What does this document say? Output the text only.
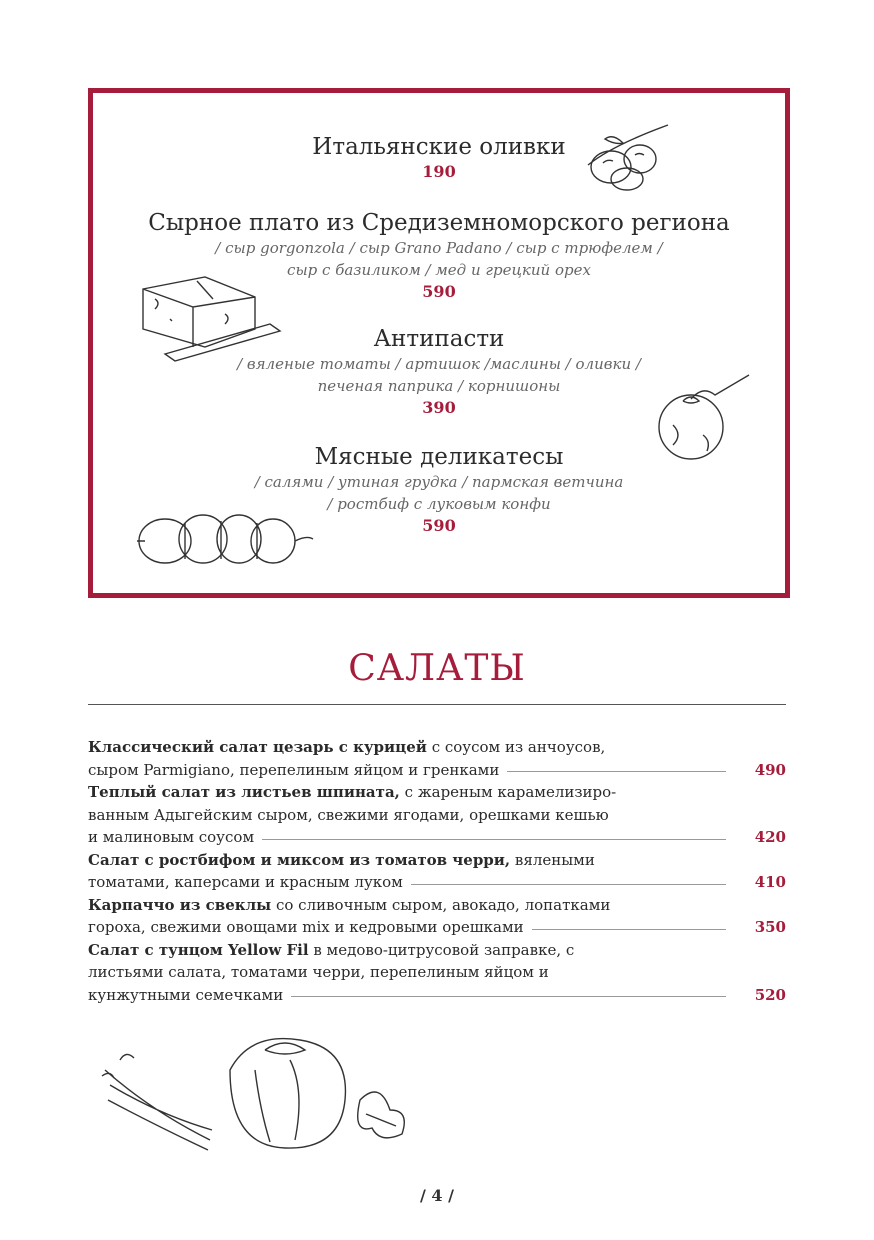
Итальянские оливки
190
Сырное плато из Средиземноморского региона
/ сыр gorgonzola / сыр Grano Padano / сыр с трюфелем /
сыр с базиликом / мед и грецкий орех
590
Антипасти
/ вяленые томаты / артишок /маслины / оливки /
печеная паприка / корнишоны
390
Мясные деликатесы
/ салями / утиная грудка / пармская ветчина
/ ростбиф с луковым конфи
590
САЛАТЫ
Классический салат цезарь с курицей с соусом из анчоусов,
сыром Parmigiano, перепелиным яйцом и гренками	490
Теплый салат из листьев шпината, с жареным карамелизиро-
ванным Адыгейским сыром, свежими ягодами, орешками кешью
и малиновым соусом	420
Салат с ростбифом и миксом из томатов черри, вялеными
томатами, каперсами и красным луком	410
Карпаччо из свеклы со сливочным сыром, авокадо, лопатками
гороха, свежими овощами mix и кедровыми орешками	350
Салат с тунцом Yellow Fil в медово-цитрусовой заправке, с
листьями салата, томатами черри, перепелиным яйцом и
кунжутными семечками	520
/ 4 /
